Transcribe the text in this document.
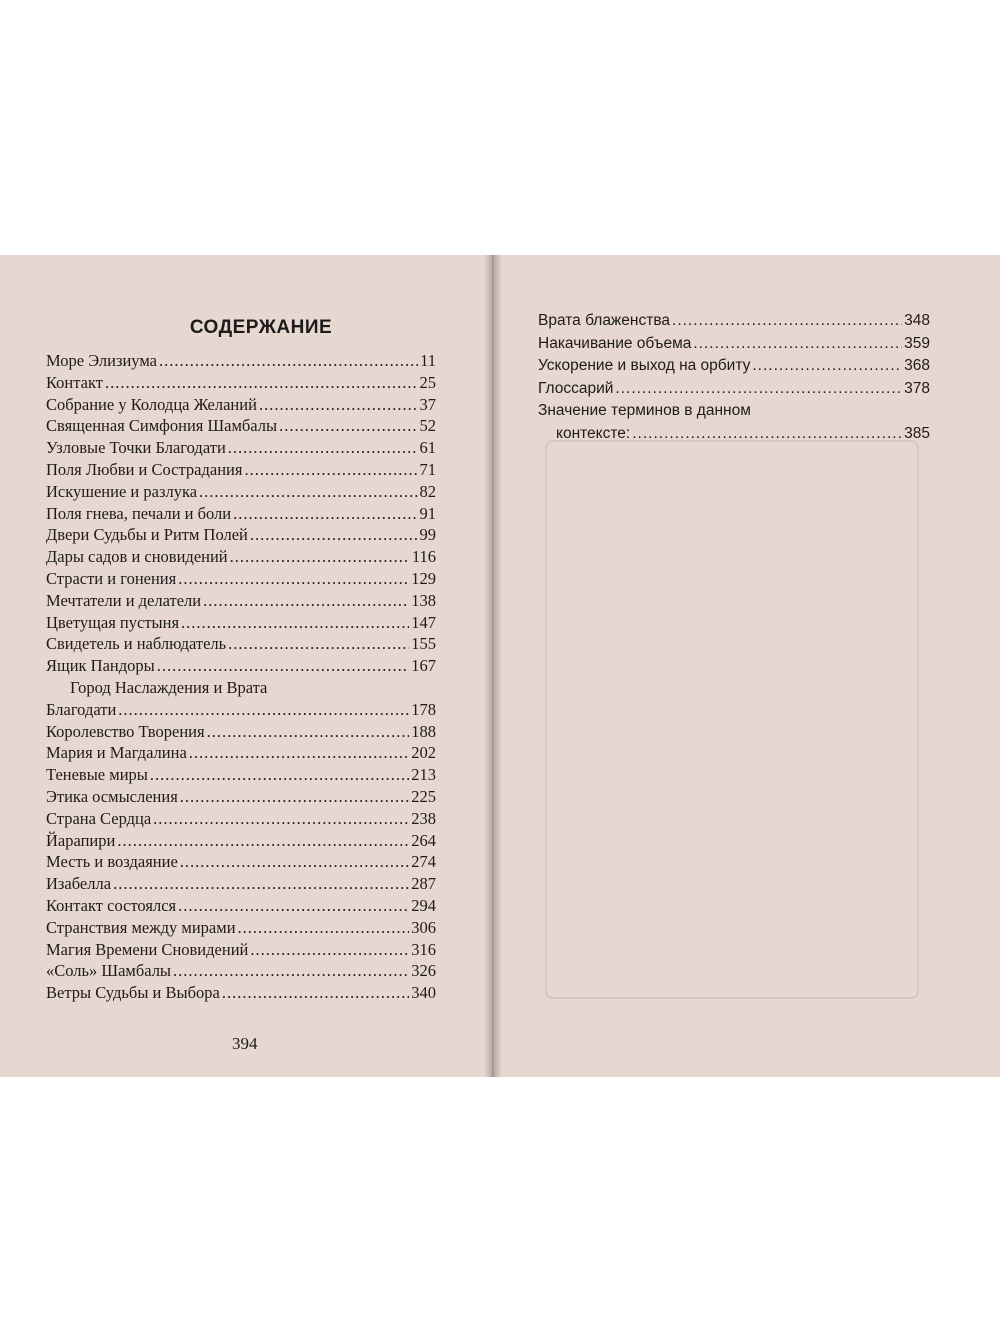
СОДЕРЖАНИЕ
Море Элизиума .....	11
Контакт .....	25
Собрание у Колодца Желаний .....	37
Священная Симфония Шамбалы .....	52
Узловые Точки Благодати .....	61
Поля Любви и Сострадания .....	71
Искушение и разлука .....	82
Поля гнева, печали и боли .....	91
Двери Судьбы и Ритм Полей .....	99
Дары садов и сновидений .....	116
Страсти и гонения .....	129
Мечтатели и делатели .....	138
Цветущая пустыня .....	147
Свидетель и наблюдатель .....	155
Ящик Пандоры .....	167
Город Наслаждения и Врата
Благодати .....	178
Королевство Творения .....	188
Мария и Магдалина .....	202
Теневые миры .....	213
Этика осмысления .....	225
Страна Сердца .....	238
Йарапири .....	264
Месть и воздаяние .....	274
Изабелла .....	287
Контакт состоялся .....	294
Странствия между мирами .....	306
Магия Времени Сновидений .....	316
«Соль» Шамбалы .....	326
Ветры Судьбы и Выбора .....	340
Врата блаженства .....	348
Накачивание объема .....	359
Ускорение и выход на орбиту .....	368
Глоссарий .....	378
Значение терминов в данном
контексте: .....	385
394
